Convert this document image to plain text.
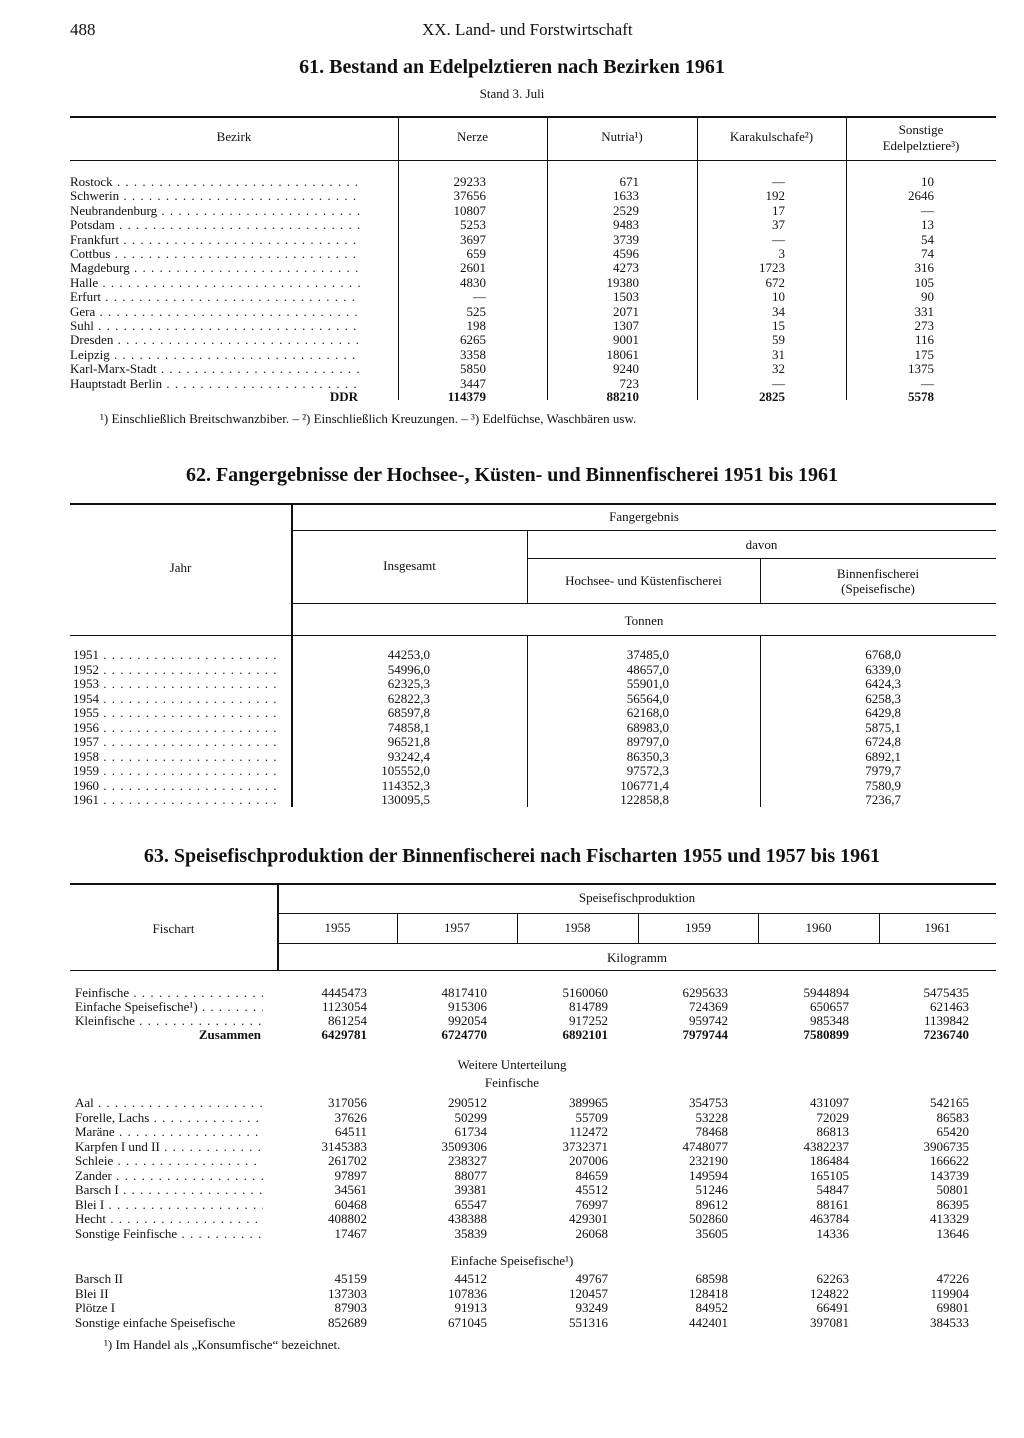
488	XX. Land- und Forstwirtschaft
61. Bestand an Edelpelztieren nach Bezirken 1961
Stand 3. Juli
Bezirk	Nerze	Nutria¹)	Karakulschafe²)	Sonstige
Edelpelztiere³)
Rostock . . .	29233	671	—	10
Schwerin . . .	37656	1633	192	2646
Neubrandenburg . . .	10807	2529	17	—
Potsdam . . .	5253	9483	37	13
Frankfurt . . .	3697	3739	—	54
Cottbus . . .	659	4596	3	74
Magdeburg . . .	2601	4273	1723	316
Halle . . .	4830	19380	672	105
Erfurt . . .	—	1503	10	90
Gera . . .	525	2071	34	331
Suhl . . .	198	1307	15	273
Dresden . . .	6265	9001	59	116
Leipzig . . .	3358	18061	31	175
Karl-Marx-Stadt . . .	5850	9240	32	1375
Hauptstadt Berlin . . .	3447	723	—	—
DDR	114379	88210	2825	5578
¹) Einschließlich Breitschwanzbiber. – ²) Einschließlich Kreuzungen. – ³) Edelfüchse, Waschbären usw.
62. Fangergebnisse der Hochsee-, Küsten- und Binnenfischerei 1951 bis 1961
Jahr
Fangergebnis
Insgesamt
davon
Hochsee- und Küstenfischerei	Binnenfischerei
(Speisefische)
Tonnen
1951 . . .	44253,0	37485,0	6768,0
1952 . . .	54996,0	48657,0	6339,0
1953 . . .	62325,3	55901,0	6424,3
1954 . . .	62822,3	56564,0	6258,3
1955 . . .	68597,8	62168,0	6429,8
1956 . . .	74858,1	68983,0	5875,1
1957 . . .	96521,8	89797,0	6724,8
1958 . . .	93242,4	86350,3	6892,1
1959 . . .	105552,0	97572,3	7979,7
1960 . . .	114352,3	106771,4	7580,9
1961 . . .	130095,5	122858,8	7236,7
63. Speisefischproduktion der Binnenfischerei nach Fischarten 1955 und 1957 bis 1961
Fischart
Speisefischproduktion
1955	1957	1958	1959	1960	1961
Kilogramm
Feinfische . . .	4445473	4817410	5160060	6295633	5944894	5475435
Einfache Speisefische¹) . . .	1123054	915306	814789	724369	650657	621463
Kleinfische . . .	861254	992054	917252	959742	985348	1139842
Zusammen	6429781	6724770	6892101	7979744	7580899	7236740
Weitere Unterteilung
Feinfische
Aal . . .	317056	290512	389965	354753	431097	542165
Forelle, Lachs . . .	37626	50299	55709	53228	72029	86583
Maräne . . .	64511	61734	112472	78468	86813	65420
Karpfen I und II . . .	3145383	3509306	3732371	4748077	4382237	3906735
Schleie . . .	261702	238327	207006	232190	186484	166622
Zander . . .	97897	88077	84659	149594	165105	143739
Barsch I . . .	34561	39381	45512	51246	54847	50801
Blei I . . .	60468	65547	76997	89612	88161	86395
Hecht . . .	408802	438388	429301	502860	463784	413329
Sonstige Feinfische . . .	17467	35839	26068	35605	14336	13646
Einfache Speisefische¹)
Barsch II	45159	44512	49767	68598	62263	47226
Blei II	137303	107836	120457	128418	124822	119904
Plötze I	87903	91913	93249	84952	66491	69801
Sonstige einfache Speisefische	852689	671045	551316	442401	397081	384533
¹) Im Handel als „Konsumfische“ bezeichnet.
